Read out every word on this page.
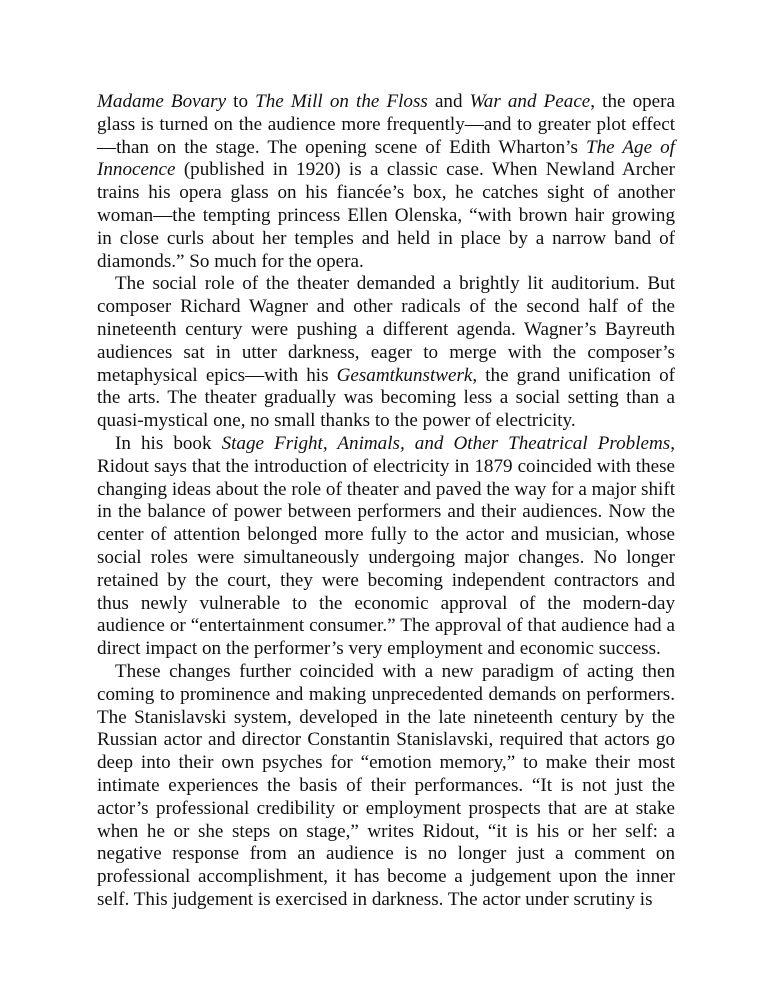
Madame Bovary to The Mill on the Floss and War and Peace, the opera glass is turned on the audience more frequently—and to greater plot effect —than on the stage. The opening scene of Edith Wharton’s The Age of Innocence (published in 1920) is a classic case. When Newland Archer trains his opera glass on his fiancée’s box, he catches sight of another woman—the tempting princess Ellen Olenska, “with brown hair growing in close curls about her temples and held in place by a narrow band of diamonds.” So much for the opera.

The social role of the theater demanded a brightly lit auditorium. But composer Richard Wagner and other radicals of the second half of the nineteenth century were pushing a different agenda. Wagner’s Bayreuth audiences sat in utter darkness, eager to merge with the composer’s metaphysical epics—with his Gesamtkunstwerk, the grand unification of the arts. The theater gradually was becoming less a social setting than a quasi-mystical one, no small thanks to the power of electricity.

In his book Stage Fright, Animals, and Other Theatrical Problems, Ridout says that the introduction of electricity in 1879 coincided with these changing ideas about the role of theater and paved the way for a major shift in the balance of power between performers and their audiences. Now the center of attention belonged more fully to the actor and musician, whose social roles were simultaneously undergoing major changes. No longer retained by the court, they were becoming independent contractors and thus newly vulnerable to the economic approval of the modern-day audience or “entertainment consumer.” The approval of that audience had a direct impact on the performer’s very employment and economic success.

These changes further coincided with a new paradigm of acting then coming to prominence and making unprecedented demands on performers. The Stanislavski system, developed in the late nineteenth century by the Russian actor and director Constantin Stanislavski, required that actors go deep into their own psyches for “emotion memory,” to make their most intimate experiences the basis of their performances. “It is not just the actor’s professional credibility or employment prospects that are at stake when he or she steps on stage,” writes Ridout, “it is his or her self: a negative response from an audience is no longer just a comment on professional accomplishment, it has become a judgement upon the inner self. This judgement is exercised in darkness. The actor under scrutiny is
